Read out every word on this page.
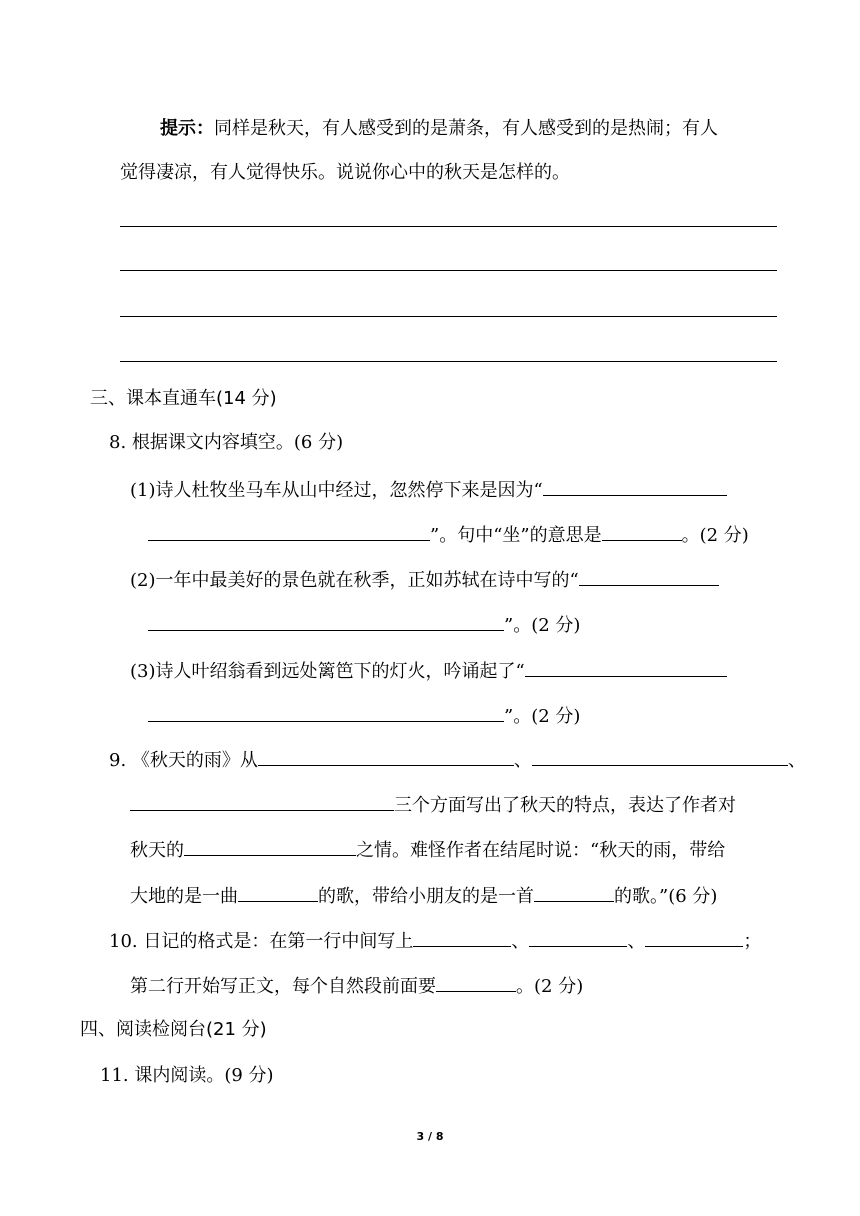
提示：同样是秋天，有人感受到的是萧条，有人感受到的是热闹；有人
觉得凄凉，有人觉得快乐。说说你心中的秋天是怎样的。
三、课本直通车(14 分)
8. 根据课文内容填空。(6 分)
(1)诗人杜牧坐马车从山中经过，忽然停下来是因为“
”。句中“坐”的意思是	。(2 分)
(2)一年中最美好的景色就在秋季，正如苏轼在诗中写的“
”。(2 分)
(3)诗人叶绍翁看到远处篱笆下的灯火，吟诵起了“
”。(2 分)
9. 《秋天的雨》从	、	、
三个方面写出了秋天的特点，表达了作者对
秋天的	之情。难怪作者在结尾时说：“秋天的雨，带给
大地的是一曲	的歌，带给小朋友的是一首	的歌。”(6 分)
10. 日记的格式是：在第一行中间写上	、	、	；
第二行开始写正文，每个自然段前面要	。(2 分)
四、阅读检阅台(21 分)
11. 课内阅读。(9 分)
3 / 8
